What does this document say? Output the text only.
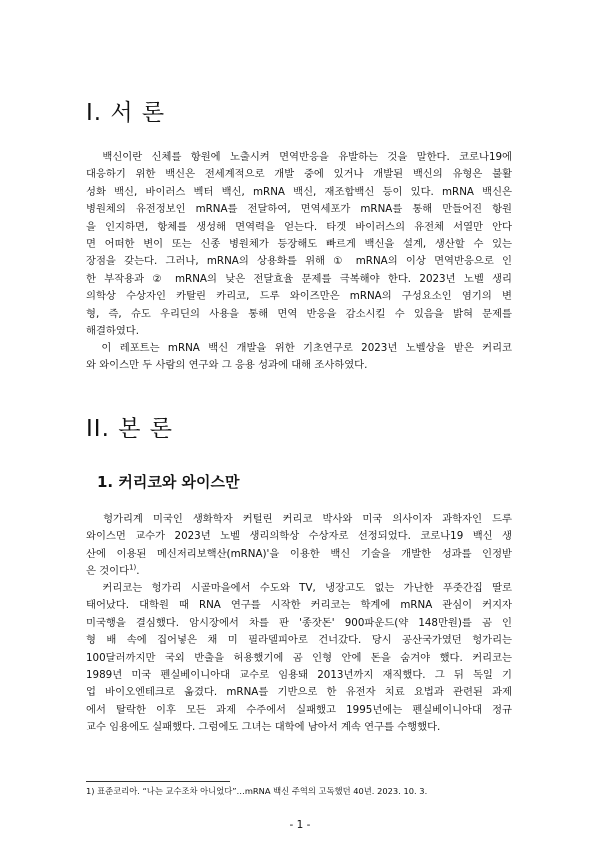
I. 서 론
　백신이란 신체를 항원에 노출시켜 면역반응을 유발하는 것을 말한다. 코로나19에
대응하기 위한 백신은 전세계적으로 개발 중에 있거나 개발된 백신의 유형은 불활
성화 백신, 바이러스 벡터 백신, mRNA 백신, 재조합백신 등이 있다. mRNA 백신은
병원체의 유전정보인 mRNA를 전달하여, 면역세포가 mRNA를 통해 만들어진 항원
을 인지하면, 항체를 생성해 면역력을 얻는다. 타겟 바이러스의 유전체 서열만 안다
면 어떠한 변이 또는 신종 병원체가 등장해도 빠르게 백신을 설계, 생산할 수 있는
장점을 갖는다. 그러나, mRNA의 상용화를 위해 ① mRNA의 이상 면역반응으로 인
한 부작용과 ② mRNA의 낮은 전달효율 문제를 극복해야 한다. 2023년 노벨 생리
의학상 수상자인 카탈린 카리코, 드루 와이즈만은 mRNA의 구성요소인 염기의 변
형, 즉, 슈도 우리딘의 사용을 통해 면역 반응을 감소시킬 수 있음을 밝혀 문제를
해결하였다.
　이 레포트는 mRNA 백신 개발을 위한 기초연구로 2023년 노벨상을 받은 커리코
와 와이스만 두 사람의 연구와 그 응용 성과에 대해 조사하였다.
II. 본 론
1. 커리코와 와이스만
　헝가리계 미국인 생화학자 커털린 커리코 박사와 미국 의사이자 과학자인 드루
와이스먼 교수가 2023년 노벨 생리의학상 수상자로 선정되었다. 코로나19 백신 생
산에 이용된 메신저리보핵산(mRNA)'을 이용한 백신 기술을 개발한 성과를 인정받
은 것이다$^{1)}$.
　커리코는 헝가리 시골마을에서 수도와 TV, 냉장고도 없는 가난한 푸줏간집 딸로
태어났다. 대학원 때 RNA 연구를 시작한 커리코는 학계에 mRNA 관심이 커지자
미국행을 결심했다. 암시장에서 차를 판 '종잣돈' 900파운드(약 148만원)를 곰 인
형 배 속에 집어넣은 채 미 필라델피아로 건너갔다. 당시 공산국가였던 헝가리는
100달러까지만 국외 반출을 허용했기에 곰 인형 안에 돈을 숨겨야 했다. 커리코는
1989년 미국 펜실베이니아대 교수로 임용돼 2013년까지 재직했다. 그 뒤 독일 기
업 바이오엔테크로 옮겼다. mRNA를 기반으로 한 유전자 치료 요법과 관련된 과제
에서 탈락한 이후 모든 과제 수주에서 실패했고 1995년에는 펜실베이니아대 정규
교수 임용에도 실패했다. 그럼에도 그녀는 대학에 남아서 계속 연구를 수행했다.

1) 표준코리아. “나는 교수조차 아니었다”…mRNA 백신 주역의 고독했던 40년. 2023. 10. 3.

- 1 -
